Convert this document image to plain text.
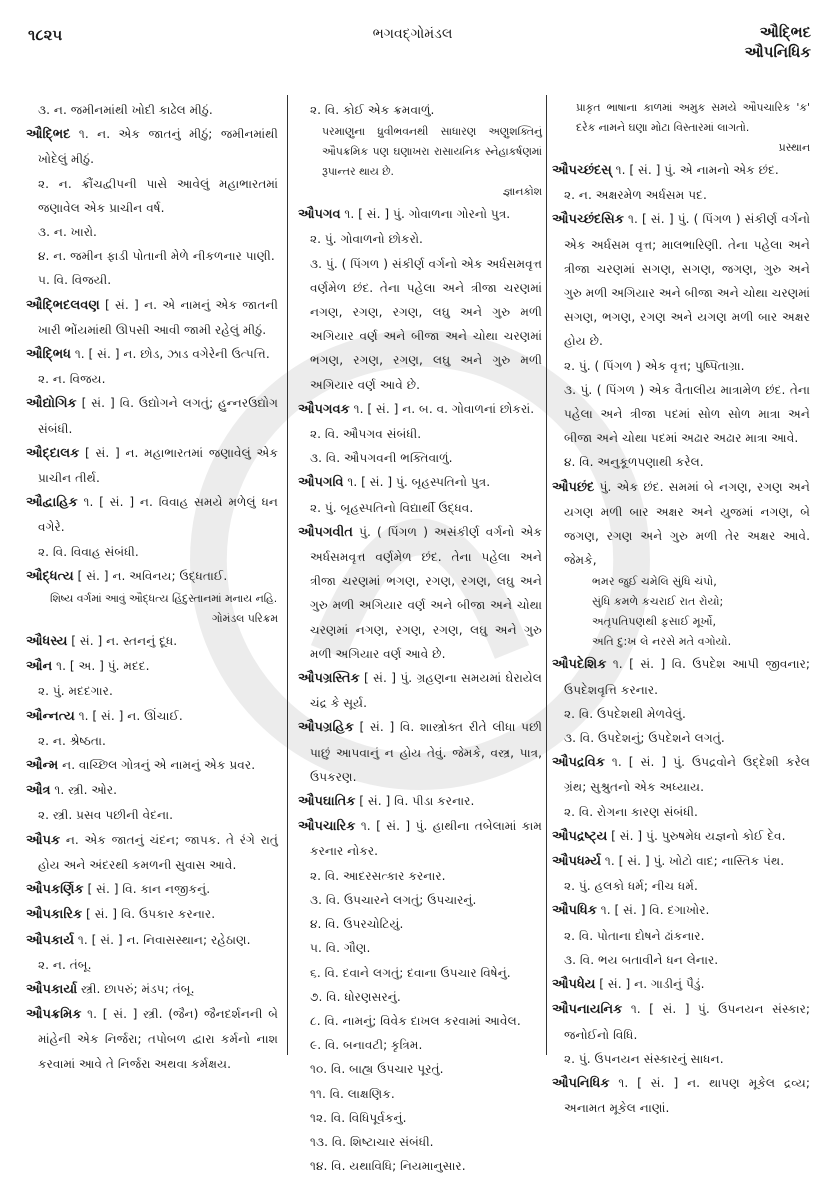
૧૮૨૫	ભગવદ્ગોમંડલ	ઔદ્ભિદ
ઔપનિધિક
૩. ન. જમીનમાંથી ખોદી કાઢેલ મીઠું.
ઔદ્ભિદ ૧. ન. એક જાતનું મીઠું; જમીનમાંથી ખોદેલું મીઠું.
૨. ન. ક્રૌંચદ્વીપની પાસે આવેલું મહાભારતમાં જણાવેલ એક પ્રાચીન વર્ષ.
૩. ન. ખારો.
૪. ન. જમીન ફાડી પોતાની મેળે નીકળનાર પાણી.
૫. વિ. વિજયી.
ઔદ્ભિદલવણ [ સં. ] ન. એ નામનું એક જાતની ખારી ભોંયમાંથી ઊપસી આવી જામી રહેલું મીઠું.
ઔદ્ભિધ ૧. [ સં. ] ન. છોડ, ઝાડ વગેરેની ઉત્પત્તિ.
૨. ન. વિજય.
ઔદ્યોગિક [ સં. ] વિ. ઉદ્યોગને લગતું; હુન્નરઉદ્યોગ સંબંધી.
ઔદ્દાલક [ સં. ] ન. મહાભારતમાં જણાવેલું એક પ્રાચીન તીર્થ.
ઔદ્વાહિક ૧. [ સં. ] ન. વિવાહ સમયે મળેલું ધન વગેરે.
૨. વિ. વિવાહ સંબંધી.
ઔદ્ધત્ય [ સં. ] ન. અવિનય; ઉદ્ધતાઈ.
શિષ્ય વર્ગમાં આવું ઔદ્ધત્ય હિંદુસ્તાનમાં મનાય નહિ.
ગોમંડલ પરિક્રમ
ઔધસ્ય [ સં. ] ન. સ્તનનું દૂધ.
ઔન ૧. [ અ. ] પું. મદદ.
૨. પું. મદદગાર.
ઔન્નત્ય ૧. [ સં. ] ન. ઊંચાઈ.
૨. ન. શ્રેષ્ઠતા.
ઔન્મ ન. વાચ્છિલ ગોત્રનું એ નામનું એક પ્રવર.
ઔત્ર ૧. સ્ત્રી. ઓર.
૨. સ્ત્રી. પ્રસવ પછીની વેદના.
ઔપક ન. એક જાતનું ચંદન; જાપક. તે રંગે રાતું હોય અને અંદરથી કમળની સુવાસ આવે.
ઔપકર્ણિક [ સં. ] વિ. કાન નજીકનું.
ઔપકારિક [ સં. ] વિ. ઉપકાર કરનાર.
ઔપકાર્ય ૧. [ સં. ] ન. નિવાસસ્થાન; રહેઠાણ.
૨. ન. તંબૂ.
ઔપકાર્યા સ્ત્રી. છાપરું; મંડપ; તંબૂ.
ઔપક્રમિક ૧. [ સં. ] સ્ત્રી. (જૈન) જૈનદર્શનની બે માંહેની એક નિર્જરા; તપોબળ દ્વારા કર્મનો નાશ કરવામાં આવે તે નિર્જરા અથવા કર્મક્ષય.
૨. વિ. કોઈ એક ક્રમવાળું.
પરમાણુના ધ્રુવીભવનથી સાધારણ અણુશક્તિનું ઔપક્રમિક પણ ઘણાખરા રાસાયનિક સ્નેહાકર્ષણમાં રૂપાન્તર થાય છે.
જ્ઞાનકોશ
ઔપગવ ૧. [ સં. ] પું. ગોવાળના ગોરનો પુત્ર.
૨. પું. ગોવાળનો છોકરો.
૩. પું. ( પિંગળ ) સંકીર્ણ વર્ગનો એક અર્ધસમવૃત્ત વર્ણમેળ છંદ. તેના પહેલા અને ત્રીજા ચરણમાં નગણ, રગણ, રગણ, લઘુ અને ગુરુ મળી અગિયાર વર્ણ અને બીજા અને ચોથા ચરણમાં ભગણ, રગણ, રગણ, લઘુ અને ગુરુ મળી અગિયાર વર્ણ આવે છે.
ઔપગવક ૧. [ સં. ] ન. બ. વ. ગોવાળનાં છોકરાં.
૨. વિ. ઔપગવ સંબંધી.
૩. વિ. ઔપગવની ભક્તિવાળું.
ઔપગવિ ૧. [ સં. ] પું. બૃહસ્પતિનો પુત્ર.
૨. પું. બૃહસ્પતિનો વિદ્યાર્થી ઉદ્ધવ.
ઔપગવીત પું. ( પિંગળ ) અસંકીર્ણ વર્ગનો એક અર્ધસમવૃત્ત વર્ણમેળ છંદ. તેના પહેલા અને ત્રીજા ચરણમાં ભગણ, રગણ, રગણ, લઘુ અને ગુરુ મળી અગિયાર વર્ણ અને બીજા અને ચોથા ચરણમાં નગણ, રગણ, રગણ, લઘુ અને ગુરુ મળી અગિયાર વર્ણ આવે છે.
ઔપગ્રસ્તિક [ સં. ] પું. ગ્રહણના સમયમાં ઘેરાયેલ ચંદ્ર કે સૂર્ય.
ઔપગ્રહિક [ સં. ] વિ. શાસ્ત્રોક્ત રીતે લીધા પછી પાછું આપવાનું ન હોય તેવું. જેમકે, વસ્ત્ર, પાત્ર, ઉપકરણ.
ઔપઘાતિક [ સં. ] વિ. પીડા કરનાર.
ઔપચારિક ૧. [ સં. ] પું. હાથીના તબેલામાં કામ કરનાર નોકર.
૨. વિ. આદરસત્કાર કરનાર.
૩. વિ. ઉપચારને લગતું; ઉપચારનું.
૪. વિ. ઉપરચોટિયું.
૫. વિ. ગૌણ.
૬. વિ. દવાને લગતું; દવાના ઉપચાર વિષેનું.
૭. વિ. ધોરણસરનું.
૮. વિ. નામનું; વિવેક દાખલ કરવામાં આવેલ.
૯. વિ. બનાવટી; કૃત્રિમ.
૧૦. વિ. બાહ્ય ઉપચાર પૂરતું.
૧૧. વિ. લાક્ષણિક.
૧૨. વિ. વિધિપૂર્વકનું.
૧૩. વિ. શિષ્ટાચાર સંબંધી.
૧૪. વિ. યથાવિધિ; નિયમાનુસાર.
પ્રાકૃત ભાષાના કાળમાં અમુક સમયે ઔપચારિક 'ક' દરેક નામને ઘણા મોટા વિસ્તારમાં લાગતો.
પ્રસ્થાન
ઔપચ્છંદસ્ ૧. [ સં. ] પું. એ નામનો એક છંદ.
૨. ન. અક્ષરમેળ અર્ધસમ પદ.
ઔપચ્છંદસિક ૧. [ સં. ] પું. ( પિંગળ ) સંકીર્ણ વર્ગનો એક અર્ધસમ વૃત્ત; માલભારિણી. તેના પહેલા અને ત્રીજા ચરણમાં સગણ, સગણ, જગણ, ગુરુ અને ગુરુ મળી અગિયાર અને બીજા અને ચોથા ચરણમાં સગણ, ભગણ, રગણ અને યગણ મળી બાર અક્ષર હોય છે.
૨. પું. ( પિંગળ ) એક વૃત્ત; પુષ્પિતાગ્રા.
૩. પું. ( પિંગળ ) એક વૈતાલીય માત્રામેળ છંદ. તેના પહેલા અને ત્રીજા પદમાં સોળ સોળ માત્રા અને બીજા અને ચોથા પદમાં અઢાર અઢાર માત્રા આવે.
૪. વિ. અનુકૂળપણાથી કરેલ.
ઔપછંદ પું. એક છંદ. સમમાં બે નગણ, રગણ અને યગણ મળી બાર અક્ષર અને યુજમાં નગણ, બે જગણ, રગણ અને ગુરુ મળી તેર અક્ષર આવે. જેમકે,
ભમર જુઈ ચમેલિ સુંધિ ચંપો,
સુંધિ કમળે કચરાઈ રાત રોયો;
અતૃપતિપણથી ફસાઈ મૂર્ખો,
અતિ દુ:ખ લે નરસે મતે વગોયો.
ઔપદેશિક ૧. [ સં. ] વિ. ઉપદેશ આપી જીવનાર; ઉપદેશવૃત્તિ કરનાર.
૨. વિ. ઉપદેશથી મેળવેલું.
૩. વિ. ઉપદેશનું; ઉપદેશને લગતું.
ઔપદ્રવિક ૧. [ સં. ] પું. ઉપદ્રવોને ઉદ્દેશી કરેલ ગ્રંથ; સુશ્રુતનો એક અધ્યાય.
૨. વિ. રોગના કારણ સંબંધી.
ઔપદ્રષ્ટ્ય [ સં. ] પું. પુરુષમેધ યજ્ઞનો કોઈ દેવ.
ઔપધર્મ્ય ૧. [ સં. ] પું. ખોટો વાદ; નાસ્તિક પંથ.
૨. પું. હલકો ધર્મ; નીચ ધર્મ.
ઔપધિક ૧. [ સં. ] વિ. દગાખોર.
૨. વિ. પોતાના દોષને ઢાંકનાર.
૩. વિ. ભય બતાવીને ધન લેનાર.
ઔપધેય [ સં. ] ન. ગાડીનું પૈડું.
ઔપનાયનિક ૧. [ સં. ] પું. ઉપનયન સંસ્કાર; જનોઈનો વિધિ.
૨. પું. ઉપનયન સંસ્કારનું સાધન.
ઔપનિધિક ૧. [ સં. ] ન. થાપણ મૂકેલ દ્રવ્ય; અનામત મૂકેલ નાણાં.
